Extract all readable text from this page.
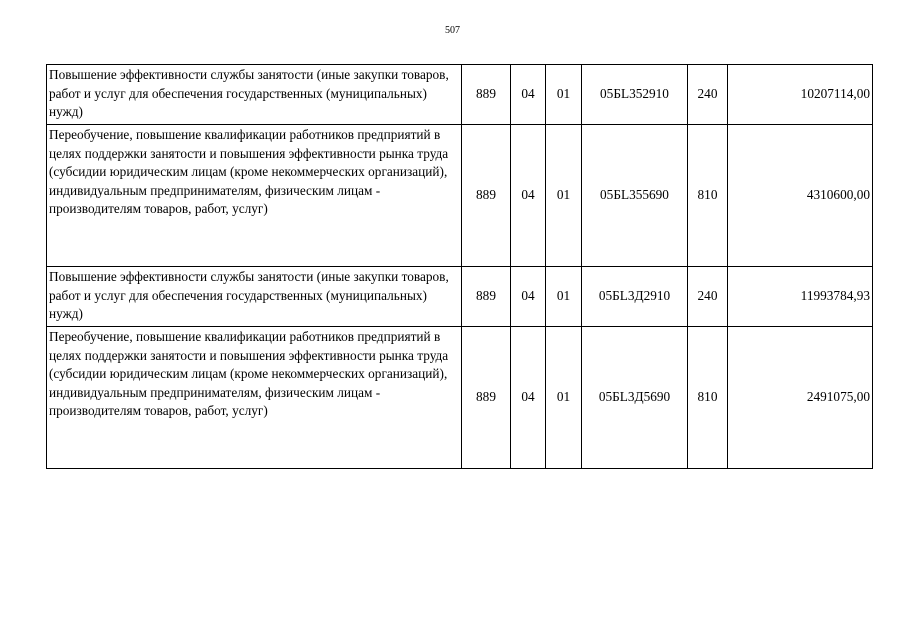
507
Повышение эффективности службы занятости (иные закупки товаров, работ и услуг для обеспечения государственных (муниципальных) нужд)	889	04	01	05БL352910	240	10207114,00
Переобучение, повышение квалификации работников предприятий в целях поддержки занятости и повышения эффективности рынка труда (субсидии юридическим лицам (кроме некоммерческих организаций), индивидуальным предпринимателям, физическим лицам - производителям товаров, работ, услуг)	889	04	01	05БL355690	810	4310600,00
Повышение эффективности службы занятости (иные закупки товаров, работ и услуг для обеспечения государственных (муниципальных) нужд)	889	04	01	05БL3Д2910	240	11993784,93
Переобучение, повышение квалификации работников предприятий в целях поддержки занятости и повышения эффективности рынка труда (субсидии юридическим лицам (кроме некоммерческих организаций), индивидуальным предпринимателям, физическим лицам - производителям товаров, работ, услуг)	889	04	01	05БL3Д5690	810	2491075,00
